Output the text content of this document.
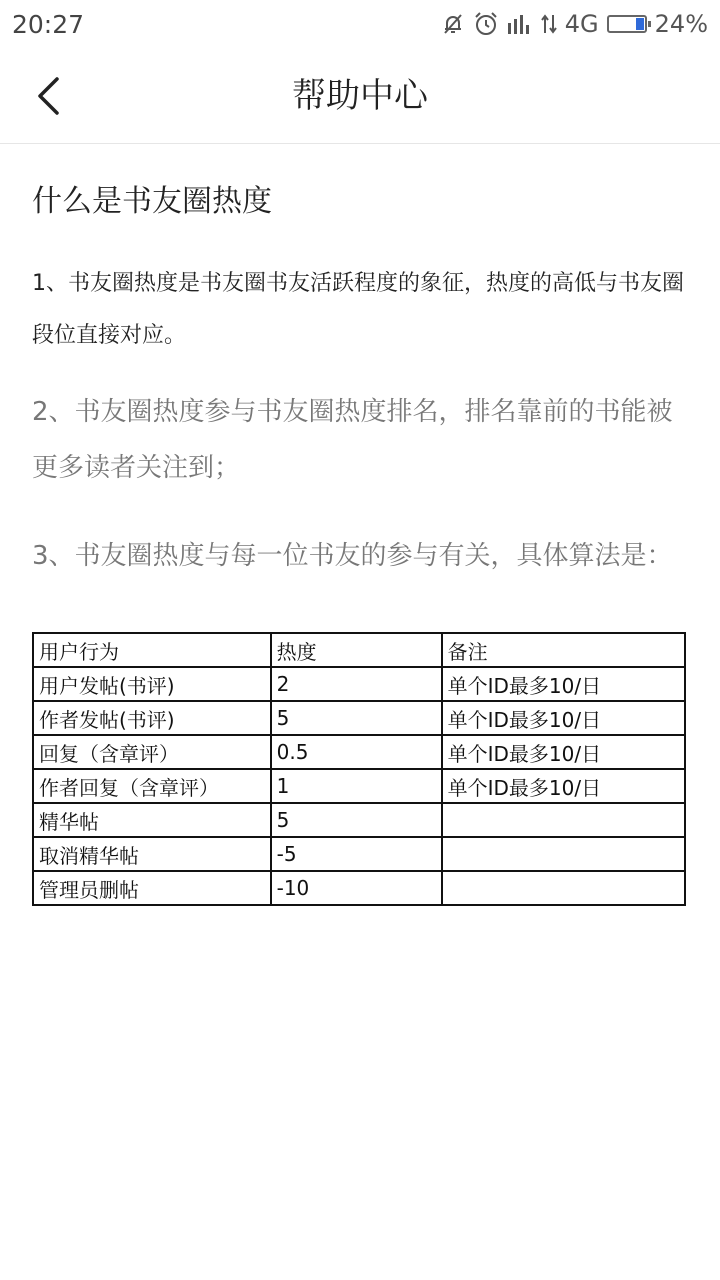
20:27	4G 24%
帮助中心
什么是书友圈热度
1、书友圈热度是书友圈书友活跃程度的象征，热度的高低与书友圈段位直接对应。
2、书友圈热度参与书友圈热度排名，排名靠前的书能被更多读者关注到；
3、书友圈热度与每一位书友的参与有关，具体算法是：
用户行为	热度	备注
用户发帖(书评)	2	单个ID最多10/日
作者发帖(书评)	5	单个ID最多10/日
回复（含章评）	0.5	单个ID最多10/日
作者回复（含章评）	1	单个ID最多10/日
精华帖	5	
取消精华帖	-5	
管理员删帖	-10	
